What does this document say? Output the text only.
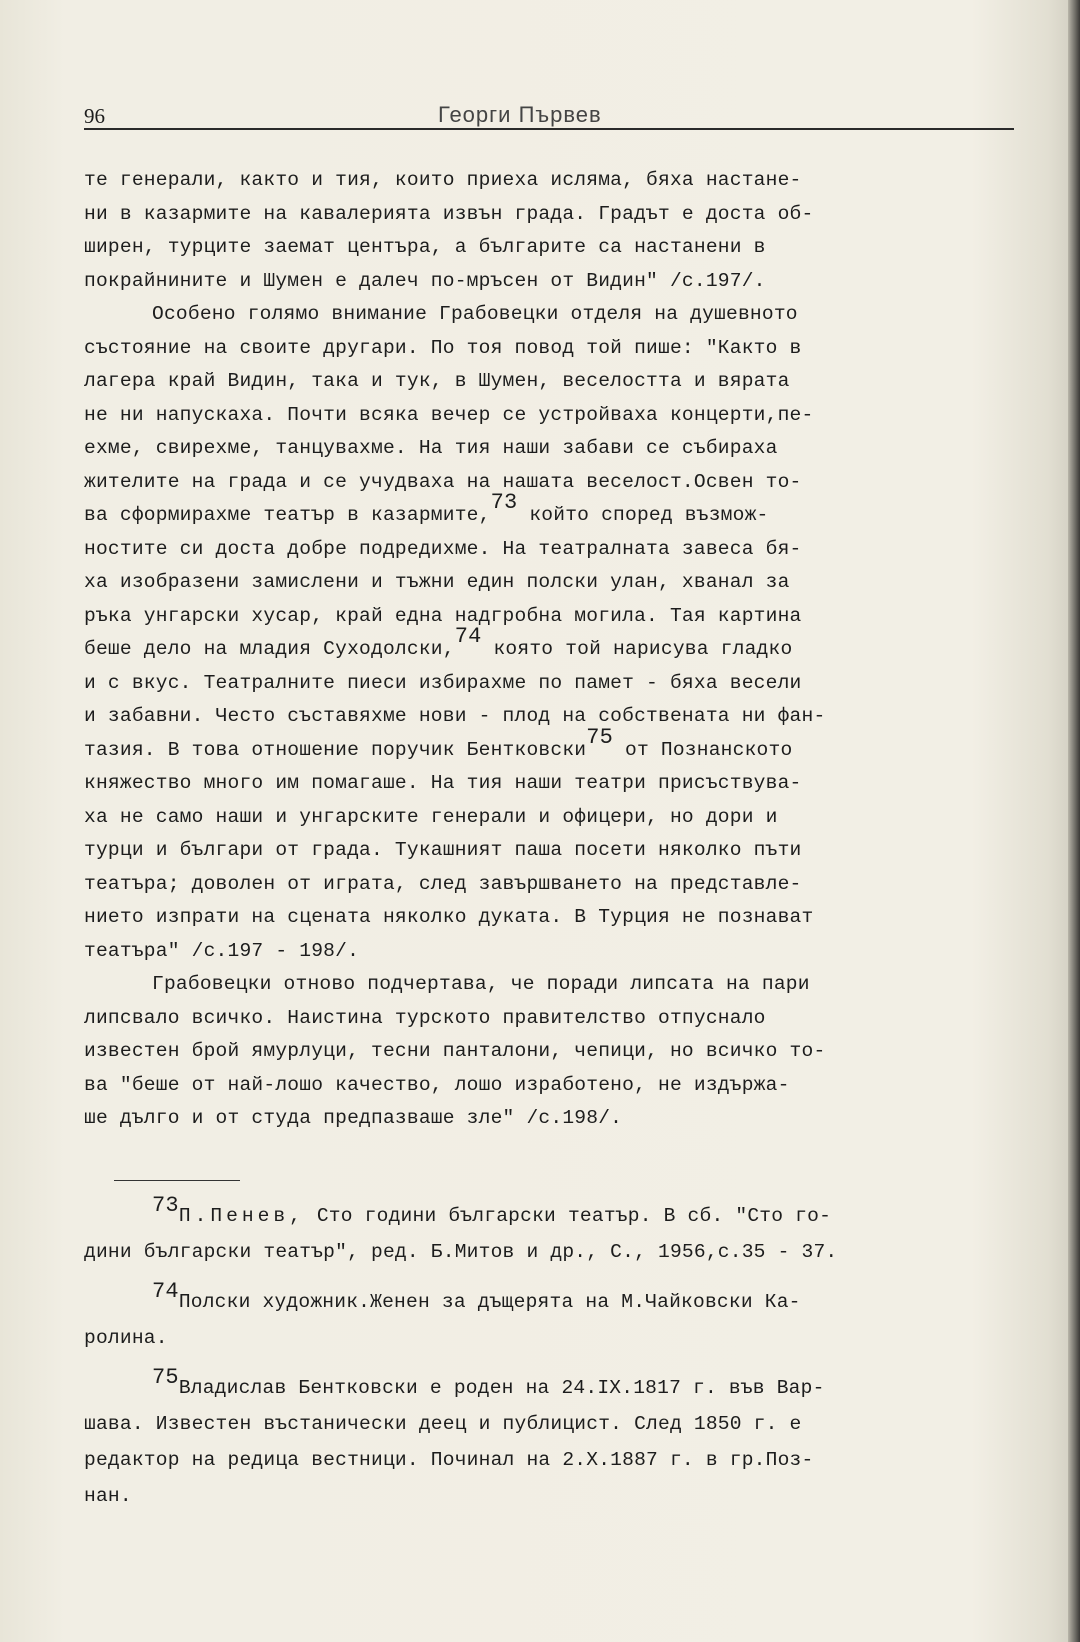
96	Георги Първев
те генерали, както и тия, които приеха исляма, бяха настане-
ни в казармите на кавалерията извън града. Градът е доста об-
ширен, турците заемат центъра, а българите са настанени в
покрайнините и Шумен е далеч по-мръсен от Видин" /с.197/.
Особено голямо внимание Грабовецки отделя на душевното
състояние на своите другари. По тоя повод той пише: "Както в
лагера край Видин, така и тук, в Шумен, веселостта и вярата
не ни напускаха. Почти всяка вечер се устройваха концерти,пе-
ехме, свирехме, танцувахме. На тия наши забави се събираха
жителите на града и се учудваха на нашата веселост.Освен то-
ва сформирахме театър в казармите,73 който според възмож-
ностите си доста добре подредихме. На театралната завеса бя-
ха изобразени замислени и тъжни един полски улан, хванал за
ръка унгарски хусар, край една надгробна могила. Тая картина
беше дело на младия Суходолски,74 която той нарисува гладко
и с вкус. Театралните пиеси избирахме по памет - бяха весели
и забавни. Често съставяхме нови - плод на собствената ни фан-
тазия. В това отношение поручик Бентковски75 от Познанското
княжество много им помагаше. На тия наши театри присъствува-
ха не само наши и унгарските генерали и офицери, но дори и
турци и българи от града. Тукашният паша посети няколко пъти
театъра; доволен от играта, след завършването на представле-
нието изпрати на сцената няколко дуката. В Турция не познават
театъра" /с.197 - 198/.
Грабовецки отново подчертава, че поради липсата на пари
липсвало всичко. Наистина турското правителство отпуснало
известен брой ямурлуци, тесни панталони, чепици, но всичко то-
ва "беше от най-лошо качество, лошо изработено, не издържа-
ше дълго и от студа предпазваше зле" /с.198/.
$^{73}$П.Пенев, Сто години български театър. В сб. "Сто го-
дини български театър", ред. Б.Митов и др., С., 1956,с.35 - 37.
$^{74}$Полски художник.Женен за дъщерята на М.Чайковски Ка-
ролина.
$^{75}$Владислав Бентковски е роден на 24.IX.1817 г. във Вар-
шава. Известен въстанически деец и публицист. След 1850 г. е
редактор на редица вестници. Починал на 2.X.1887 г. в гр.Поз-
нан.
